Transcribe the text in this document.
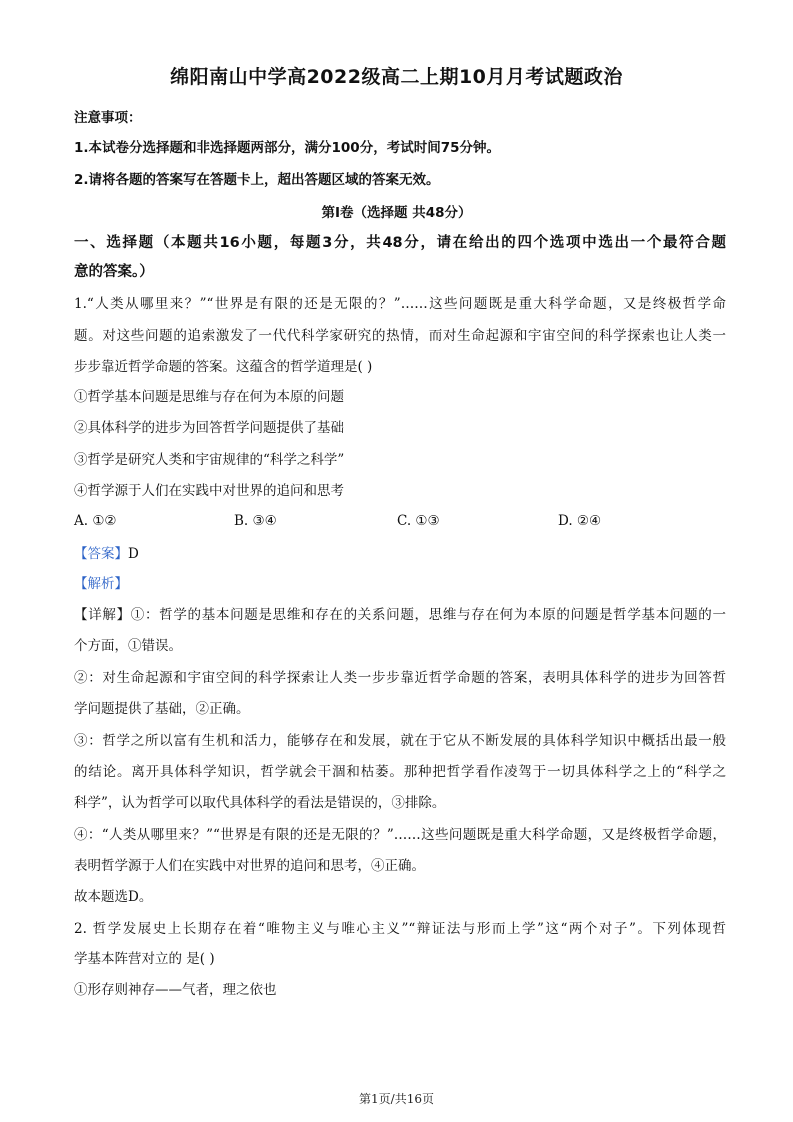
绵阳南山中学高2022级高二上期10月月考试题政治
注意事项：
1.本试卷分选择题和非选择题两部分，满分100分，考试时间75分钟。
2.请将各题的答案写在答题卡上，超出答题区域的答案无效。
第Ⅰ卷（选择题 共48分）
一、选择题（本题共16小题，每题3分，共48分，请在给出的四个选项中选出一个最符合题
意的答案。）
1.“人类从哪里来？”“世界是有限的还是无限的？”……这些问题既是重大科学命题，又是终极哲学命
题。对这些问题的追索激发了一代代科学家研究的热情，而对生命起源和宇宙空间的科学探索也让人类一
步步靠近哲学命题的答案。这蕴含的哲学道理是( )
①哲学基本问题是思维与存在何为本原的问题
②具体科学的进步为回答哲学问题提供了基础
③哲学是研究人类和宇宙规律的“科学之科学”
④哲学源于人们在实践中对世界的追问和思考
A. ①②	B. ③④	C. ①③	D. ②④
【答案】D
【解析】
【详解】①：哲学的基本问题是思维和存在的关系问题，思维与存在何为本原的问题是哲学基本问题的一
个方面，①错误。
②：对生命起源和宇宙空间的科学探索让人类一步步靠近哲学命题的答案，表明具体科学的进步为回答哲
学问题提供了基础，②正确。
③：哲学之所以富有生机和活力，能够存在和发展，就在于它从不断发展的具体科学知识中概括出最一般
的结论。离开具体科学知识，哲学就会干涸和枯萎。那种把哲学看作凌驾于一切具体科学之上的“科学之
科学”，认为哲学可以取代具体科学的看法是错误的，③排除。
④：“人类从哪里来？”“世界是有限的还是无限的？”……这些问题既是重大科学命题，又是终极哲学命题，
表明哲学源于人们在实践中对世界的追问和思考，④正确。
故本题选D。
2. 哲学发展史上长期存在着“唯物主义与唯心主义”“辩证法与形而上学”这“两个对子”。下列体现哲
学基本阵营对立的 是( )
①形存则神存——气者，理之依也
第1页/共16页
